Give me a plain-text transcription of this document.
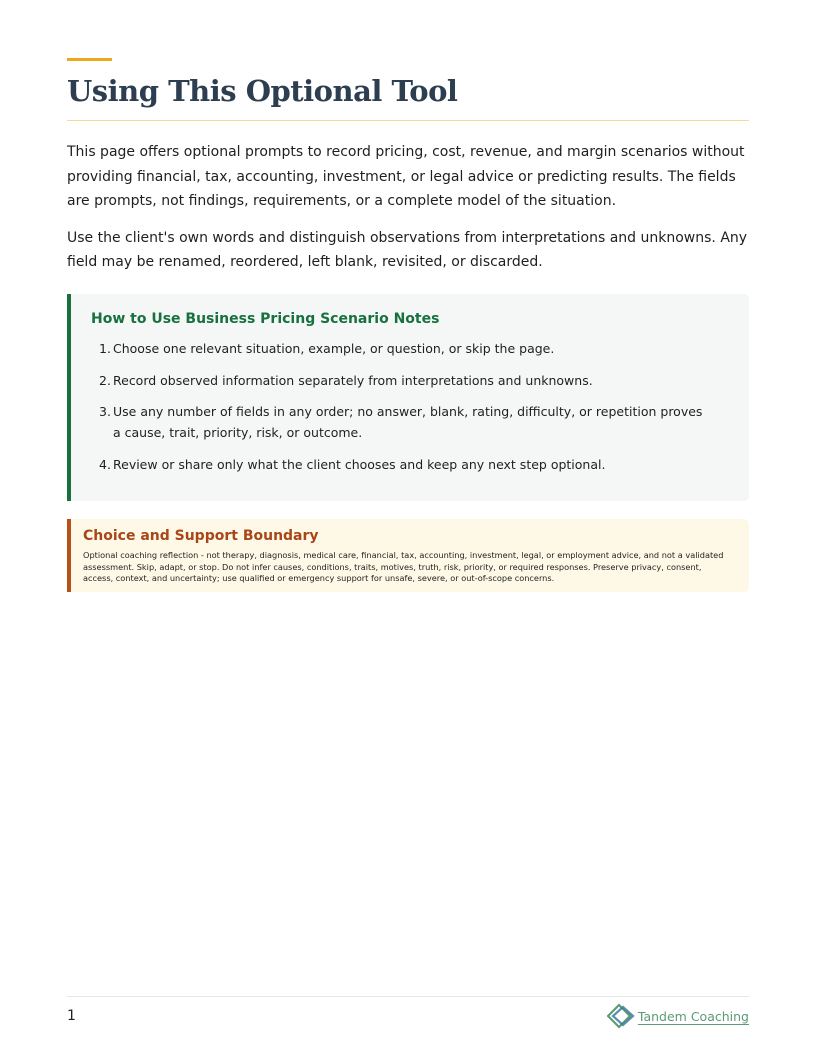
Using This Optional Tool

This page offers optional prompts to record pricing, cost, revenue, and margin scenarios without providing financial, tax, accounting, investment, or legal advice or predicting results. The fields are prompts, not findings, requirements, or a complete model of the situation.

Use the client's own words and distinguish observations from interpretations and unknowns. Any field may be renamed, reordered, left blank, revisited, or discarded.

How to Use Business Pricing Scenario Notes
1. Choose one relevant situation, example, or question, or skip the page.
2. Record observed information separately from interpretations and unknowns.
3. Use any number of fields in any order; no answer, blank, rating, difficulty, or repetition proves a cause, trait, priority, risk, or outcome.
4. Review or share only what the client chooses and keep any next step optional.
Choice and Support Boundary

Optional coaching reflection - not therapy, diagnosis, medical care, financial, tax, accounting, investment, legal, or employment advice, and not a validated assessment. Skip, adapt, or stop. Do not infer causes, conditions, traits, motives, truth, risk, priority, or required responses. Preserve privacy, consent, access, context, and uncertainty; use qualified or emergency support for unsafe, severe, or out-of-scope concerns.

1	Tandem Coaching
